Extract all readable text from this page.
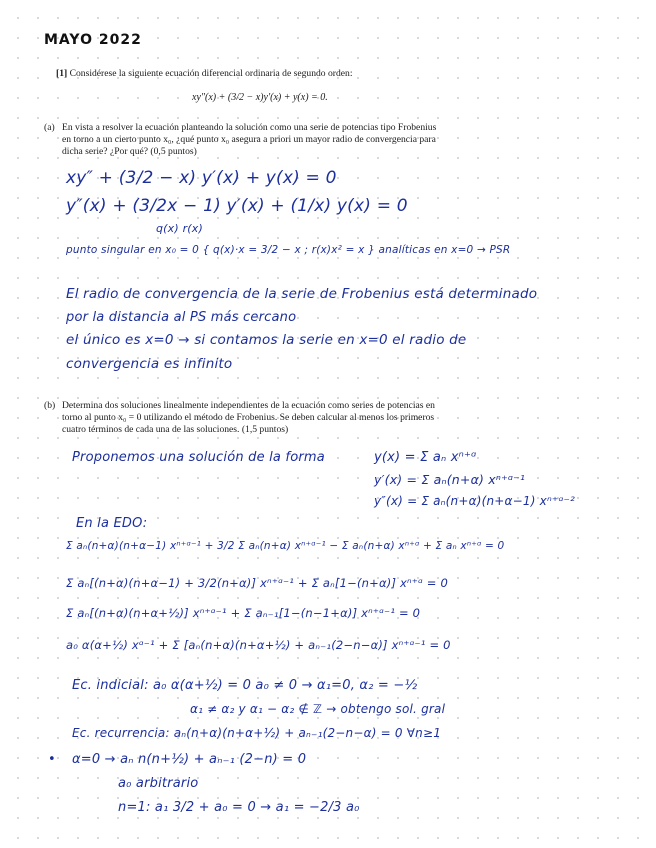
MAYO 2022
[1] Considérese la siguiente ecuación diferencial ordinaria de segundo orden:
xy″(x) + (3/2 − x)y′(x) + y(x) = 0.
(a) En vista a resolver la ecuación planteando la solución como una serie de potencias tipo Frobenius
en torno a un cierto punto x₀, ¿qué punto x₀ asegura a priori un mayor radio de convergencia para
dicha serie? ¿Por qué? (0,5 puntos)
xy″ + (3/2 − x) y′(x) + y(x) = 0
y″(x) + (3/2x − 1) y′(x) + (1/x) y(x) = 0
q(x) r(x)
punto singular en x₀ = 0 { q(x)·x = 3/2 − x ; r(x)x² = x } analíticas en x=0 → PSR
El radio de convergencia de la serie de Frobenius está determinado
por la distancia al PS más cercano
el único es x=0 → si contamos la serie en x=0 el radio de
convergencia es infinito
(b) Determina dos soluciones linealmente independientes de la ecuación como series de potencias en
torno al punto x₀ = 0 utilizando el método de Frobenius. Se deben calcular al menos los primeros
cuatro términos de cada una de las soluciones. (1,5 puntos)
Proponemos una solución de la forma	y(x) = Σ aₙ xⁿ⁺ᵅ
y′(x) = Σ aₙ(n+α) xⁿ⁺ᵅ⁻¹
y″(x) = Σ aₙ(n+α)(n+α−1) xⁿ⁺ᵅ⁻²
En la EDO:
Σ aₙ(n+α)(n+α−1) xⁿ⁺ᵅ⁻¹ + 3/2 Σ aₙ(n+α) xⁿ⁺ᵅ⁻¹ − Σ aₙ(n+α) xⁿ⁺ᵅ + Σ aₙ xⁿ⁺ᵅ = 0
Σ aₙ[(n+α)(n+α−1) + 3/2(n+α)] xⁿ⁺ᵅ⁻¹ + Σ aₙ[1−(n+α)] xⁿ⁺ᵅ = 0
Σ aₙ[(n+α)(n+α+½)] xⁿ⁺ᵅ⁻¹ + Σ aₙ₋₁[1−(n−1+α)] xⁿ⁺ᵅ⁻¹ = 0
a₀ α(α+½) xᵅ⁻¹ + Σ [aₙ(n+α)(n+α+½) + aₙ₋₁(2−n−α)] xⁿ⁺ᵅ⁻¹ = 0
Ec. indicial: a₀ α(α+½) = 0 a₀ ≠ 0 → α₁=0, α₂ = −½
α₁ ≠ α₂ y α₁ − α₂ ∉ ℤ → obtengo sol. gral
Ec. recurrencia: aₙ(n+α)(n+α+½) + aₙ₋₁(2−n−α) = 0 ∀n≥1
• α=0 → aₙ n(n+½) + aₙ₋₁ (2−n) = 0
a₀ arbitrario
n=1: a₁ 3/2 + a₀ = 0 → a₁ = −2/3 a₀
